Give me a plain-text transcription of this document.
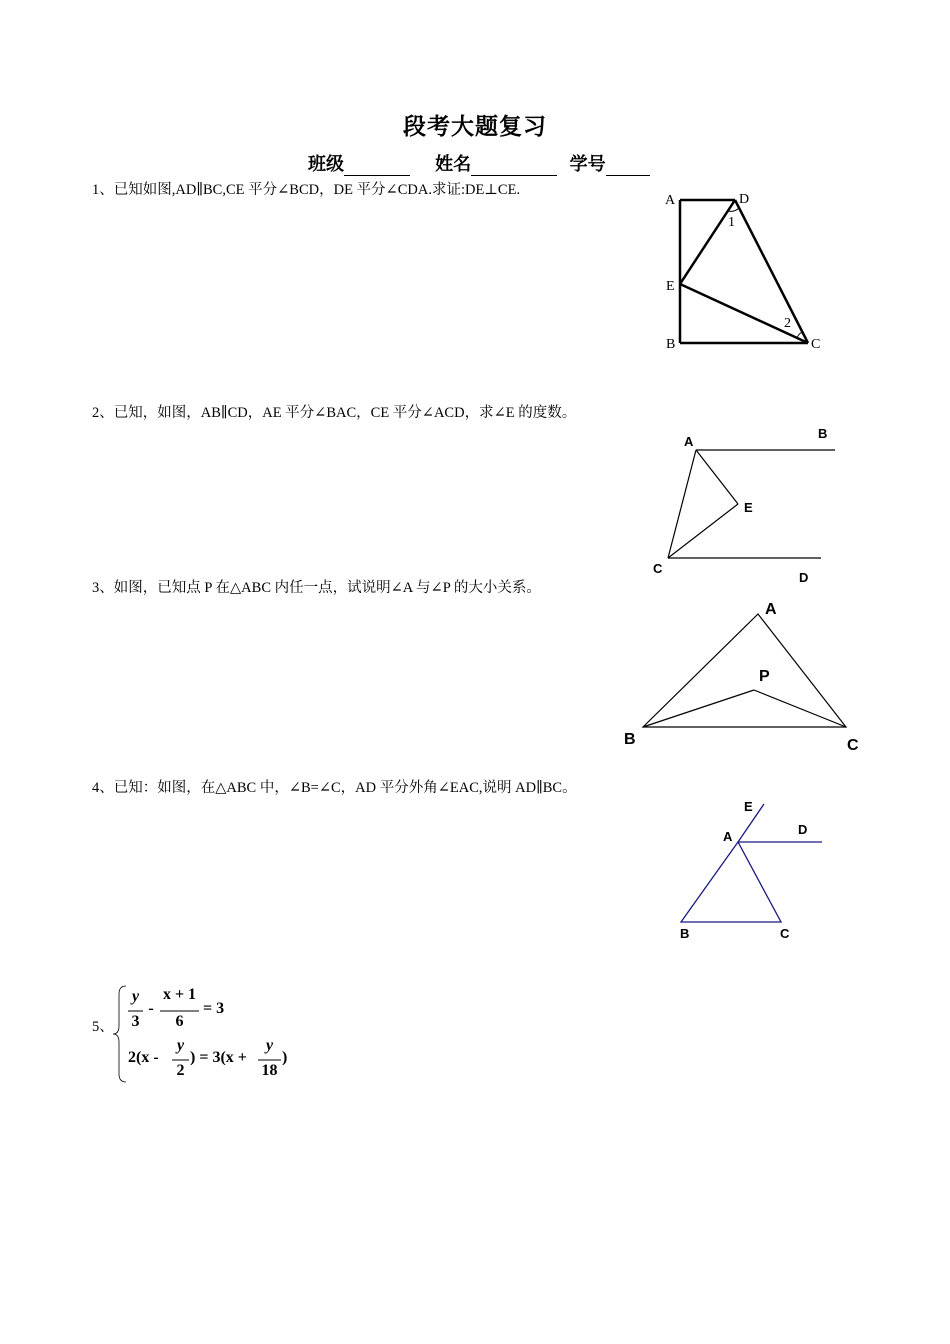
段考大题复习
班级	姓名	学号
1、已知如图,AD∥BC,CE 平分∠BCD，DE 平分∠CDA.求证:DE⊥CE.
2、已知，如图，AB∥CD，AE 平分∠BAC，CE 平分∠ACD，求∠E 的度数。
3、如图，已知点 P 在△ABC 内任一点，试说明∠A 与∠P 的大小关系。
4、已知：如图，在△ABC 中，∠B=∠C，AD 平分外角∠EAC,说明 AD∥BC。
5、
A	D
1
E
2
B	C
A
B
E
C
D
A
P
B	C
E
A	D
B	C
y
3
-
x + 1
6
= 3
2(x -
y
2
) = 3(x +
y
18
)
